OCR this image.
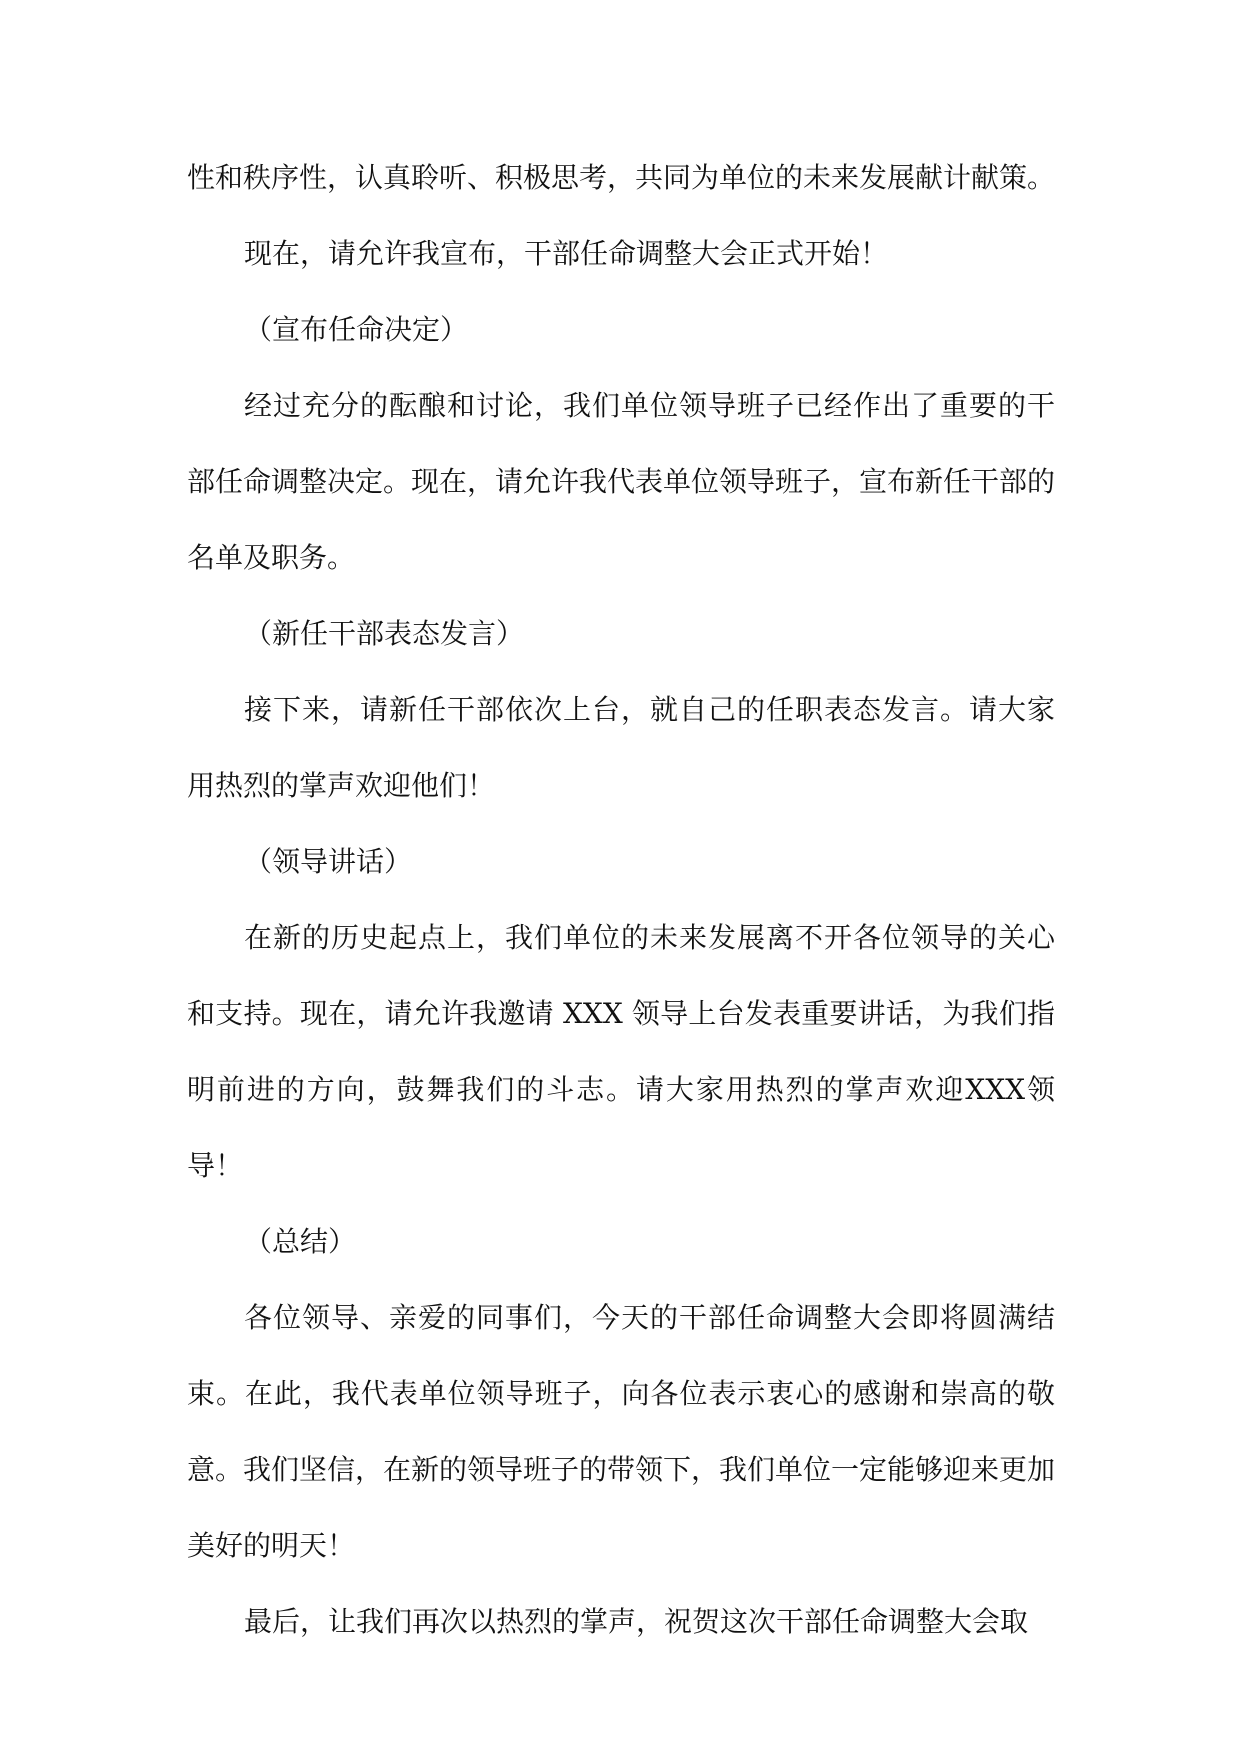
性和秩序性，认真聆听、积极思考，共同为单位的未来发展献计献策。

现在，请允许我宣布，干部任命调整大会正式开始！

（宣布任命决定）

经过充分的酝酿和讨论，我们单位领导班子已经作出了重要的干部任命调整决定。现在，请允许我代表单位领导班子，宣布新任干部的名单及职务。

（新任干部表态发言）

接下来，请新任干部依次上台，就自己的任职表态发言。请大家用热烈的掌声欢迎他们！

（领导讲话）

在新的历史起点上，我们单位的未来发展离不开各位领导的关心和支持。现在，请允许我邀请 XXX 领导上台发表重要讲话，为我们指明前进的方向，鼓舞我们的斗志。请大家用热烈的掌声欢迎XXX领导！

（总结）

各位领导、亲爱的同事们，今天的干部任命调整大会即将圆满结束。在此，我代表单位领导班子，向各位表示衷心的感谢和崇高的敬意。我们坚信，在新的领导班子的带领下，我们单位一定能够迎来更加美好的明天！

最后，让我们再次以热烈的掌声，祝贺这次干部任命调整大会取
